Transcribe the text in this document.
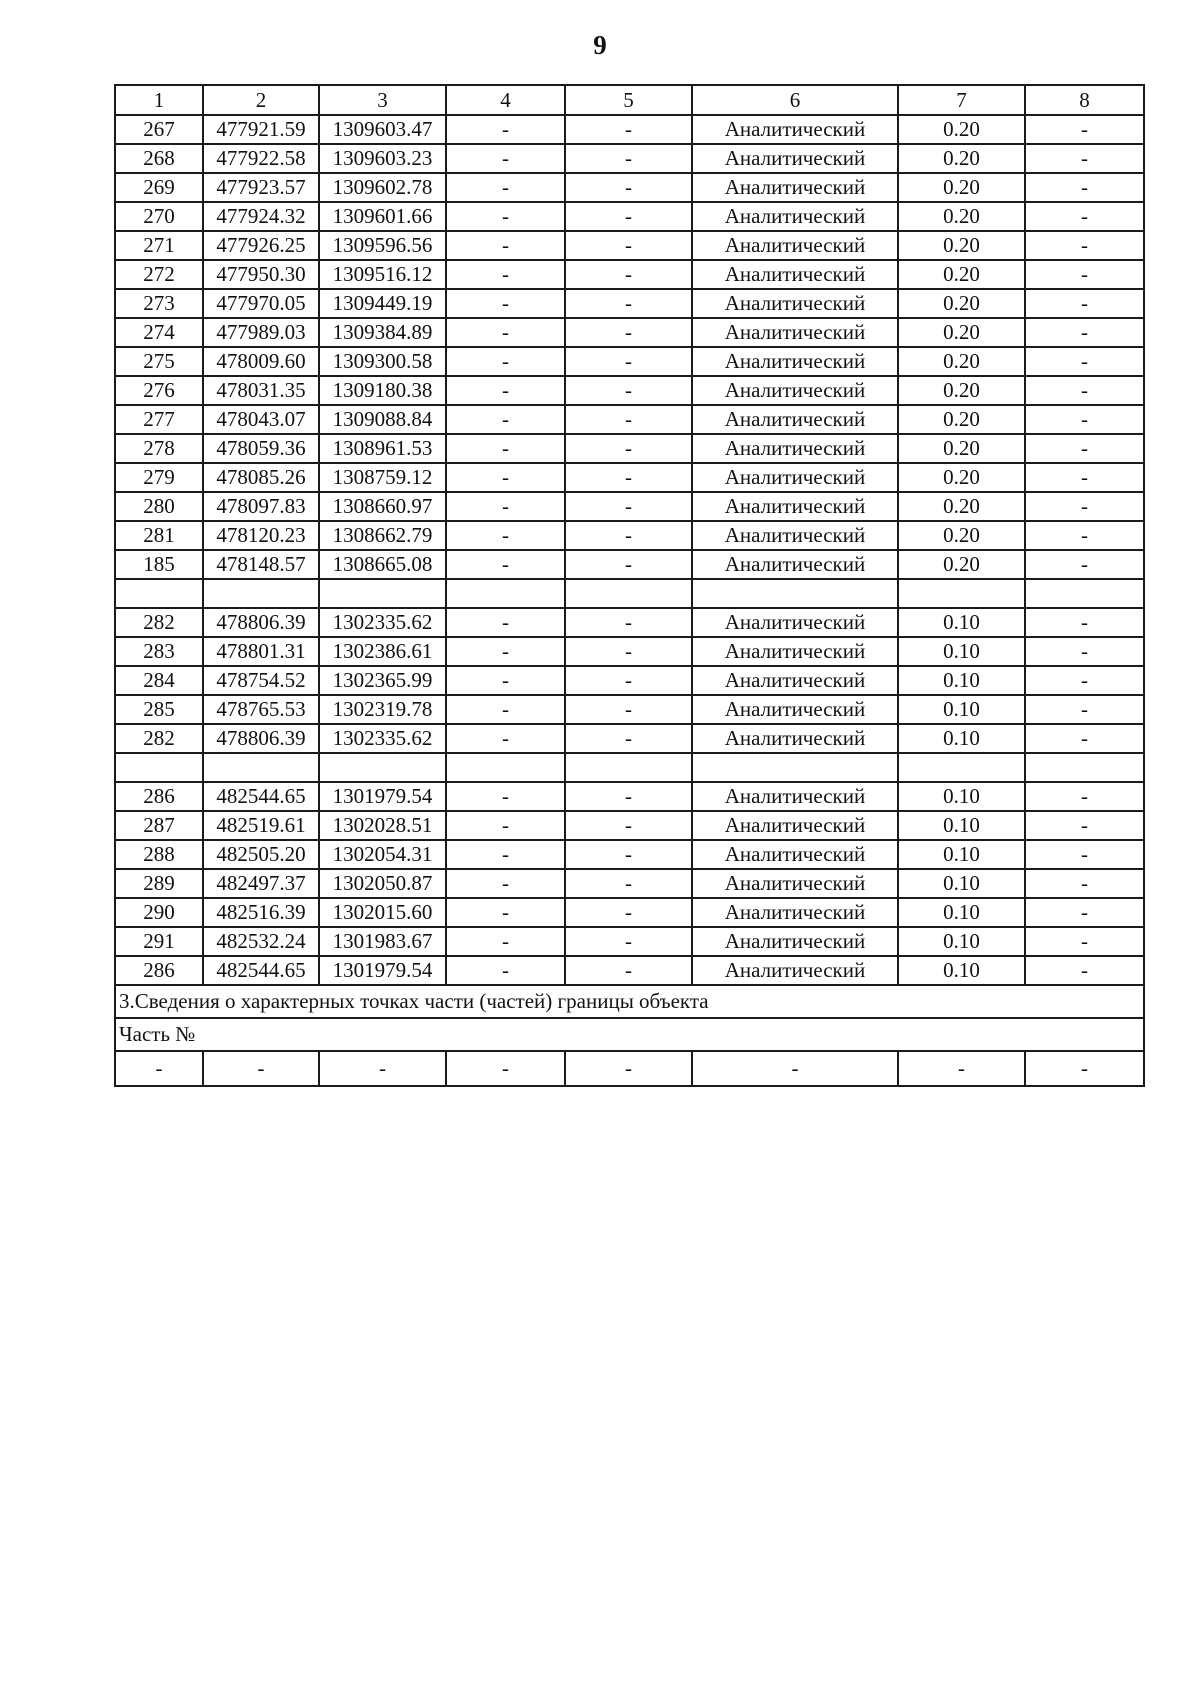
9
1	2	3	4	5	6	7	8
267	477921.59	1309603.47	-	-	Аналитический	0.20	-
268	477922.58	1309603.23	-	-	Аналитический	0.20	-
269	477923.57	1309602.78	-	-	Аналитический	0.20	-
270	477924.32	1309601.66	-	-	Аналитический	0.20	-
271	477926.25	1309596.56	-	-	Аналитический	0.20	-
272	477950.30	1309516.12	-	-	Аналитический	0.20	-
273	477970.05	1309449.19	-	-	Аналитический	0.20	-
274	477989.03	1309384.89	-	-	Аналитический	0.20	-
275	478009.60	1309300.58	-	-	Аналитический	0.20	-
276	478031.35	1309180.38	-	-	Аналитический	0.20	-
277	478043.07	1309088.84	-	-	Аналитический	0.20	-
278	478059.36	1308961.53	-	-	Аналитический	0.20	-
279	478085.26	1308759.12	-	-	Аналитический	0.20	-
280	478097.83	1308660.97	-	-	Аналитический	0.20	-
281	478120.23	1308662.79	-	-	Аналитический	0.20	-
185	478148.57	1308665.08	-	-	Аналитический	0.20	-

282	478806.39	1302335.62	-	-	Аналитический	0.10	-
283	478801.31	1302386.61	-	-	Аналитический	0.10	-
284	478754.52	1302365.99	-	-	Аналитический	0.10	-
285	478765.53	1302319.78	-	-	Аналитический	0.10	-
282	478806.39	1302335.62	-	-	Аналитический	0.10	-

286	482544.65	1301979.54	-	-	Аналитический	0.10	-
287	482519.61	1302028.51	-	-	Аналитический	0.10	-
288	482505.20	1302054.31	-	-	Аналитический	0.10	-
289	482497.37	1302050.87	-	-	Аналитический	0.10	-
290	482516.39	1302015.60	-	-	Аналитический	0.10	-
291	482532.24	1301983.67	-	-	Аналитический	0.10	-
286	482544.65	1301979.54	-	-	Аналитический	0.10	-
3.Сведения о характерных точках части (частей) границы объекта							
Часть №							
-	-	-	-	-	-	-	-
